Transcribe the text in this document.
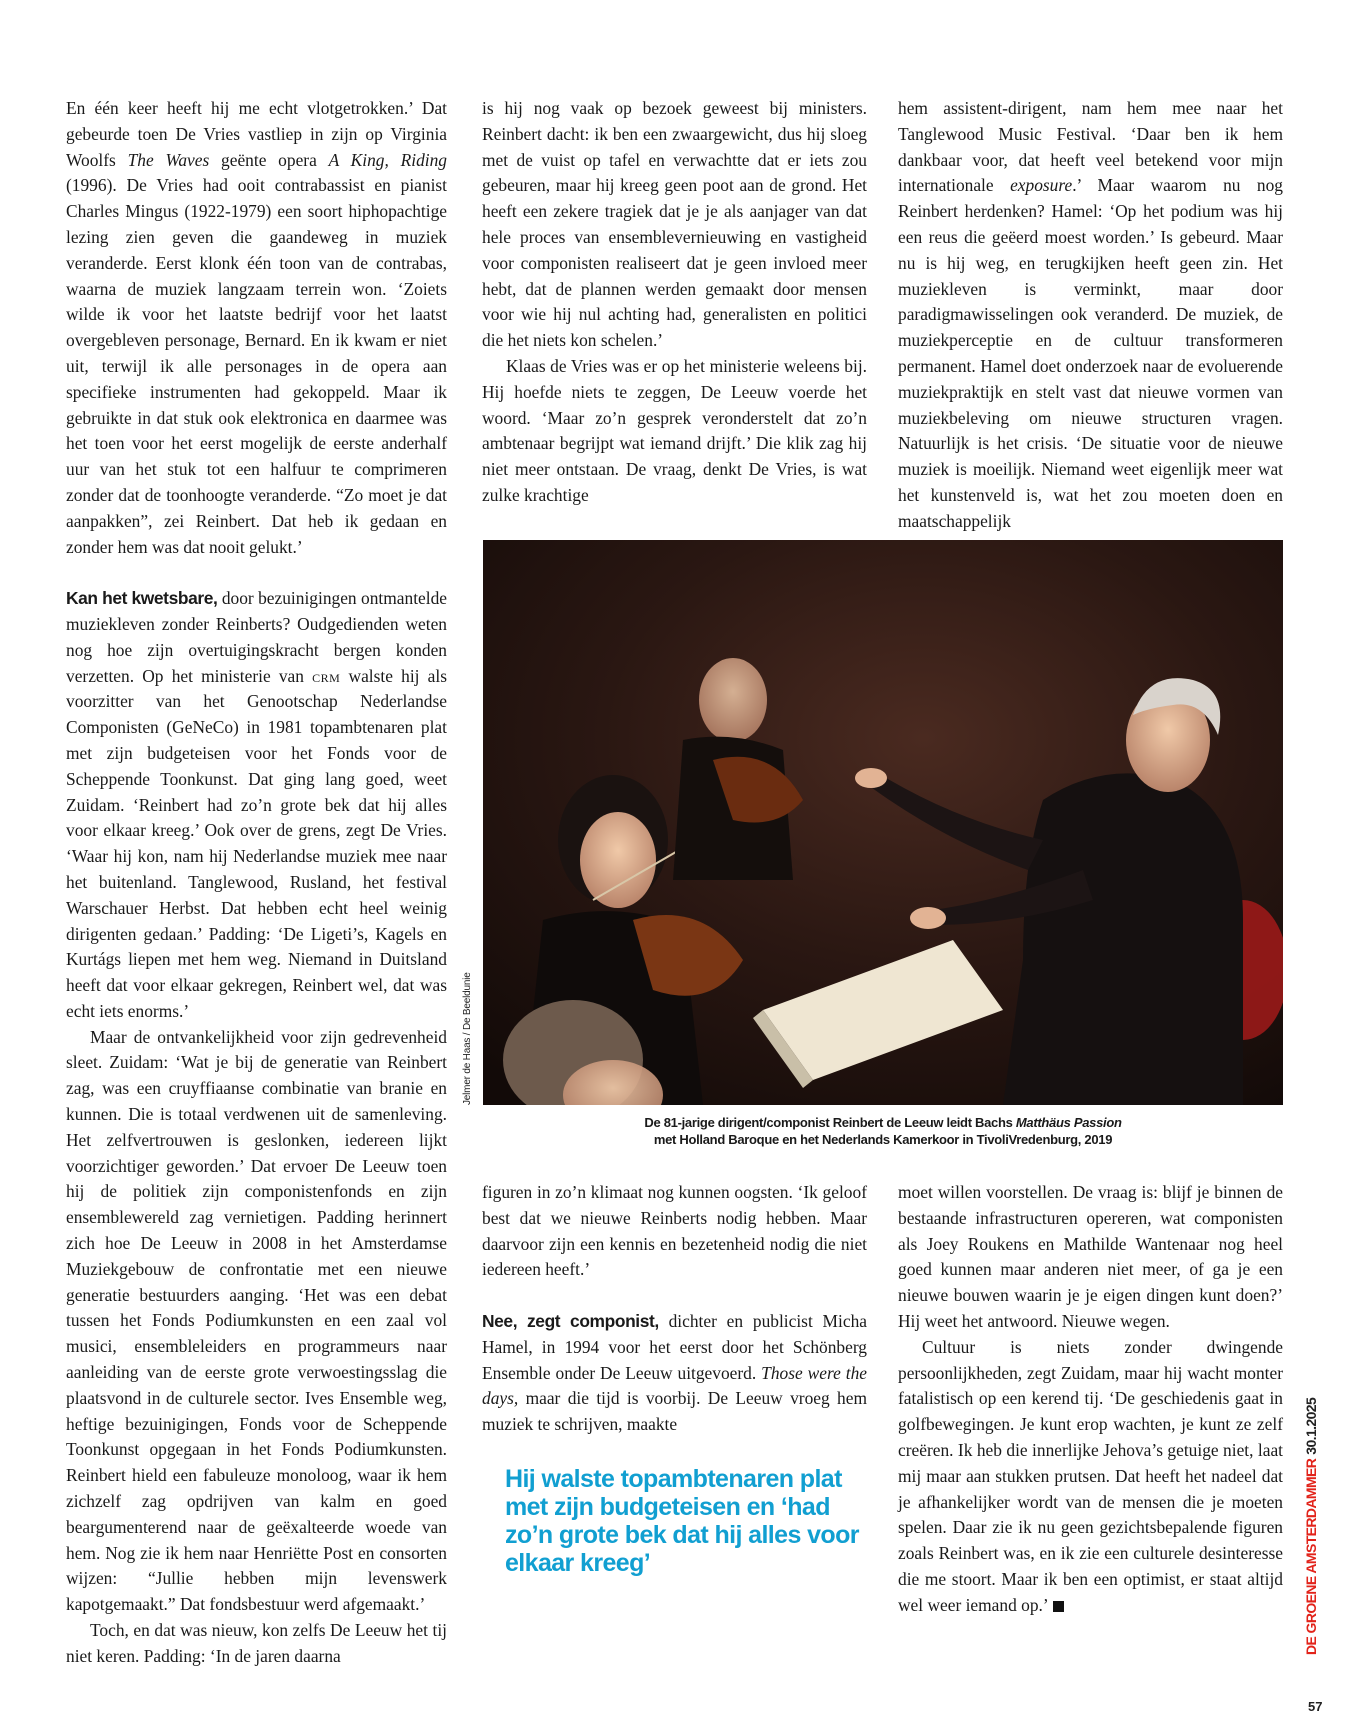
En één keer heeft hij me echt vlotgetrokken.’ Dat gebeurde toen De Vries vastliep in zijn op Virginia Woolfs The Waves geënte opera A King, Riding (1996). De Vries had ooit contrabassist en pianist Charles Mingus (1922-1979) een soort hiphopachtige lezing zien geven die gaandeweg in muziek veranderde. Eerst klonk één toon van de contrabas, waarna de muziek langzaam terrein won. ‘Zoiets wilde ik voor het laatste bedrijf voor het laatst overgebleven personage, Bernard. En ik kwam er niet uit, terwijl ik alle personages in de opera aan specifieke instrumenten had gekoppeld. Maar ik gebruikte in dat stuk ook elektronica en daarmee was het toen voor het eerst mogelijk de eerste anderhalf uur van het stuk tot een halfuur te comprimeren zonder dat de toonhoogte veranderde. “Zo moet je dat aanpakken”, zei Reinbert. Dat heb ik gedaan en zonder hem was dat nooit gelukt.’

Kan het kwetsbare, door bezuinigingen ontmantelde muziekleven zonder Reinberts? Oudgedienden weten nog hoe zijn overtuigingskracht bergen konden verzetten. Op het ministerie van crm walste hij als voorzitter van het Genootschap Nederlandse Componisten (GeNeCo) in 1981 topambtenaren plat met zijn budgeteisen voor het Fonds voor de Scheppende Toonkunst. Dat ging lang goed, weet Zuidam. ‘Reinbert had zo’n grote bek dat hij alles voor elkaar kreeg.’ Ook over de grens, zegt De Vries. ‘Waar hij kon, nam hij Nederlandse muziek mee naar het buitenland. Tanglewood, Rusland, het festival Warschauer Herbst. Dat hebben echt heel weinig dirigenten gedaan.’ Padding: ‘De Ligeti’s, Kagels en Kurtágs liepen met hem weg. Niemand in Duitsland heeft dat voor elkaar gekregen, Reinbert wel, dat was echt iets enorms.’

Maar de ontvankelijkheid voor zijn gedrevenheid sleet. Zuidam: ‘Wat je bij de generatie van Reinbert zag, was een cruyffiaanse combinatie van branie en kunnen. Die is totaal verdwenen uit de samenleving. Het zelfvertrouwen is geslonken, iedereen lijkt voorzichtiger geworden.’ Dat ervoer De Leeuw toen hij de politiek zijn componistenfonds en zijn ensemblewereld zag vernietigen. Padding herinnert zich hoe De Leeuw in 2008 in het Amsterdamse Muziekgebouw de confrontatie met een nieuwe generatie bestuurders aanging. ‘Het was een debat tussen het Fonds Podiumkunsten en een zaal vol musici, ensembleleiders en programmeurs naar aanleiding van de eerste grote verwoestingsslag die plaatsvond in de culturele sector. Ives Ensemble weg, heftige bezuinigingen, Fonds voor de Scheppende Toonkunst opgegaan in het Fonds Podiumkunsten. Reinbert hield een fabuleuze monoloog, waar ik hem zichzelf zag opdrijven van kalm en goed beargumenterend naar de geëxalteerde woede van hem. Nog zie ik hem naar Henriëtte Post en consorten wijzen: “Jullie hebben mijn levenswerk kapotgemaakt.” Dat fondsbestuur werd afgemaakt.’

Toch, en dat was nieuw, kon zelfs De Leeuw het tij niet keren. Padding: ‘In de jaren daarna

is hij nog vaak op bezoek geweest bij ministers. Reinbert dacht: ik ben een zwaargewicht, dus hij sloeg met de vuist op tafel en verwachtte dat er iets zou gebeuren, maar hij kreeg geen poot aan de grond. Het heeft een zekere tragiek dat je je als aanjager van dat hele proces van ensemblevernieuwing en vastigheid voor componisten realiseert dat je geen invloed meer hebt, dat de plannen werden gemaakt door mensen voor wie hij nul achting had, generalisten en politici die het niets kon schelen.’

Klaas de Vries was er op het ministerie weleens bij. Hij hoefde niets te zeggen, De Leeuw voerde het woord. ‘Maar zo’n gesprek veronderstelt dat zo’n ambtenaar begrijpt wat iemand drijft.’ Die klik zag hij niet meer ontstaan. De vraag, denkt De Vries, is wat zulke krachtige

hem assistent-dirigent, nam hem mee naar het Tanglewood Music Festival. ‘Daar ben ik hem dankbaar voor, dat heeft veel betekend voor mijn internationale exposure.’ Maar waarom nu nog Reinbert herdenken? Hamel: ‘Op het podium was hij een reus die geëerd moest worden.’ Is gebeurd. Maar nu is hij weg, en terugkijken heeft geen zin. Het muziekleven is verminkt, maar door paradigmawisselingen ook veranderd. De muziek, de muziekperceptie en de cultuur transformeren permanent. Hamel doet onderzoek naar de evoluerende muziekpraktijk en stelt vast dat nieuwe vormen van muziekbeleving om nieuwe structuren vragen. Natuurlijk is het crisis. ‘De situatie voor de nieuwe muziek is moeilijk. Niemand weet eigenlijk meer wat het kunstenveld is, wat het zou moeten doen en maatschappelijk

Jelmer de Haas / De Beeldunie
De 81-jarige dirigent/componist Reinbert de Leeuw leidt Bachs Matthäus Passion
met Holland Baroque en het Nederlands Kamerkoor in TivoliVredenburg, 2019

figuren in zo’n klimaat nog kunnen oogsten. ‘Ik geloof best dat we nieuwe Reinberts nodig hebben. Maar daarvoor zijn een kennis en bezetenheid nodig die niet iedereen heeft.’

Nee, zegt componist, dichter en publicist Micha Hamel, in 1994 voor het eerst door het Schönberg Ensemble onder De Leeuw uitgevoerd. Those were the days, maar die tijd is voorbij. De Leeuw vroeg hem muziek te schrijven, maakte

Hij walste topambtenaren plat met zijn budgeteisen en ‘had zo’n grote bek dat hij alles voor elkaar kreeg’

moet willen voorstellen. De vraag is: blijf je binnen de bestaande infrastructuren opereren, wat componisten als Joey Roukens en Mathilde Wantenaar nog heel goed kunnen maar anderen niet meer, of ga je een nieuwe bouwen waarin je je eigen dingen kunt doen?’ Hij weet het antwoord. Nieuwe wegen.

Cultuur is niets zonder dwingende persoonlijkheden, zegt Zuidam, maar hij wacht monter fatalistisch op een kerend tij. ‘De geschiedenis gaat in golfbewegingen. Je kunt erop wachten, je kunt ze zelf creëren. Ik heb die innerlijke Jehova’s getuige niet, laat mij maar aan stukken prutsen. Dat heeft het nadeel dat je afhankelijker wordt van de mensen die je moeten spelen. Daar zie ik nu geen gezichtsbepalende figuren zoals Reinbert was, en ik zie een culturele desinteresse die me stoort. Maar ik ben een optimist, er staat altijd wel weer iemand op.’	DE GROENE AMSTERDAMMER30.1.2025
57
